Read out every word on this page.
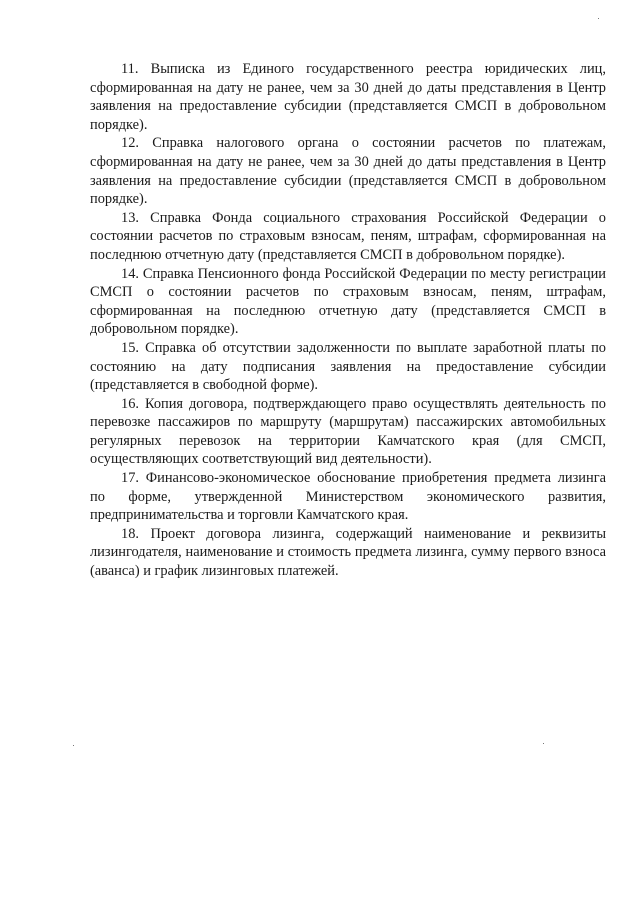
11. Выписка из Единого государственного реестра юридических лиц, сформированная на дату не ранее, чем за 30 дней до даты представления в Центр заявления на предоставление субсидии (представляется СМСП в добровольном порядке).

12. Справка налогового органа о состоянии расчетов по платежам, сформированная на дату не ранее, чем за 30 дней до даты представления в Центр заявления на предоставление субсидии (представляется СМСП в добровольном порядке).

13. Справка Фонда социального страхования Российской Федерации о состоянии расчетов по страховым взносам, пеням, штрафам, сформированная на последнюю отчетную дату (представляется СМСП в добровольном порядке).

14. Справка Пенсионного фонда Российской Федерации по месту регистрации СМСП о состоянии расчетов по страховым взносам, пеням, штрафам, сформированная на последнюю отчетную дату (представляется СМСП в добровольном порядке).

15. Справка об отсутствии задолженности по выплате заработной платы по состоянию на дату подписания заявления на предоставление субсидии (представляется в свободной форме).

16. Копия договора, подтверждающего право осуществлять деятельность по перевозке пассажиров по маршруту (маршрутам) пассажирских автомобильных регулярных перевозок на территории Камчатского края (для СМСП, осуществляющих соответствующий вид деятельности).

17. Финансово-экономическое обоснование приобретения предмета лизинга по форме, утвержденной Министерством экономического развития, предпринимательства и торговли Камчатского края.

18. Проект договора лизинга, содержащий наименование и реквизиты лизингодателя, наименование и стоимость предмета лизинга, сумму первого взноса (аванса) и график лизинговых платежей.
